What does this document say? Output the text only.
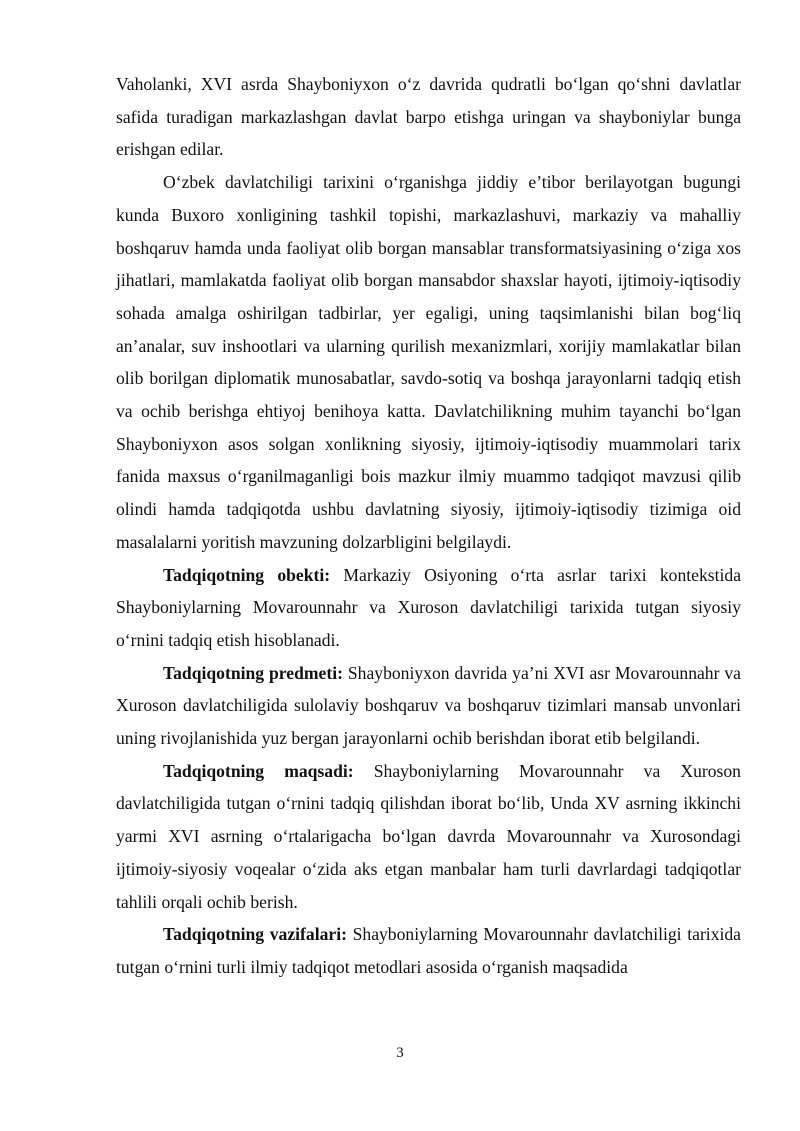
Vaholanki, XVI asrda Shayboniyxon o‘z davrida qudratli bo‘lgan qo‘shni davlatlar safida turadigan markazlashgan davlat barpo etishga uringan va shayboniylar bunga erishgan edilar.

O‘zbek davlatchiligi tarixini o‘rganishga jiddiy e’tibor berilayotgan bugungi kunda Buxoro xonligining tashkil topishi, markazlashuvi, markaziy va mahalliy boshqaruv hamda unda faoliyat olib borgan mansablar transformatsiyasining o‘ziga xos jihatlari, mamlakatda faoliyat olib borgan mansabdor shaxslar hayoti, ijtimoiy-iqtisodiy sohada amalga oshirilgan tadbirlar, yer egaligi, uning taqsimlanishi bilan bog‘liq an’analar, suv inshootlari va ularning qurilish mexanizmlari, xorijiy mamlakatlar bilan olib borilgan diplomatik munosabatlar, savdo-sotiq va boshqa jarayonlarni tadqiq etish va ochib berishga ehtiyoj benihoya katta. Davlatchilikning muhim tayanchi bo‘lgan Shayboniyxon asos solgan xonlikning siyosiy, ijtimoiy-iqtisodiy muammolari tarix fanida maxsus o‘rganilmaganligi bois mazkur ilmiy muammo tadqiqot mavzusi qilib olindi hamda tadqiqotda ushbu davlatning siyosiy, ijtimoiy-iqtisodiy tizimiga oid masalalarni yoritish mavzuning dolzarbligini belgilaydi.

Tadqiqotning obekti: Markaziy Osiyoning o‘rta asrlar tarixi kontekstida Shayboniylarning Movarounnahr va Xuroson davlatchiligi tarixida tutgan siyosiy o‘rnini tadqiq etish hisoblanadi.

Tadqiqotning predmeti: Shayboniyxon davrida ya’ni XVI asr Movarounnahr va Xuroson davlatchiligida sulolaviy boshqaruv va boshqaruv tizimlari mansab unvonlari uning rivojlanishida yuz bergan jarayonlarni ochib berishdan iborat etib belgilandi.

Tadqiqotning maqsadi: Shayboniylarning Movarounnahr va Xuroson davlatchiligida tutgan o‘rnini tadqiq qilishdan iborat bo‘lib, Unda XV asrning ikkinchi yarmi XVI asrning o‘rtalarigacha bo‘lgan davrda Movarounnahr va Xurosondagi ijtimoiy-siyosiy voqealar o‘zida aks etgan manbalar ham turli davrlardagi tadqiqotlar tahlili orqali ochib berish.

Tadqiqotning vazifalari: Shayboniylarning Movarounnahr davlatchiligi tarixida tutgan o‘rnini turli ilmiy tadqiqot metodlari asosida o‘rganish maqsadida

3
